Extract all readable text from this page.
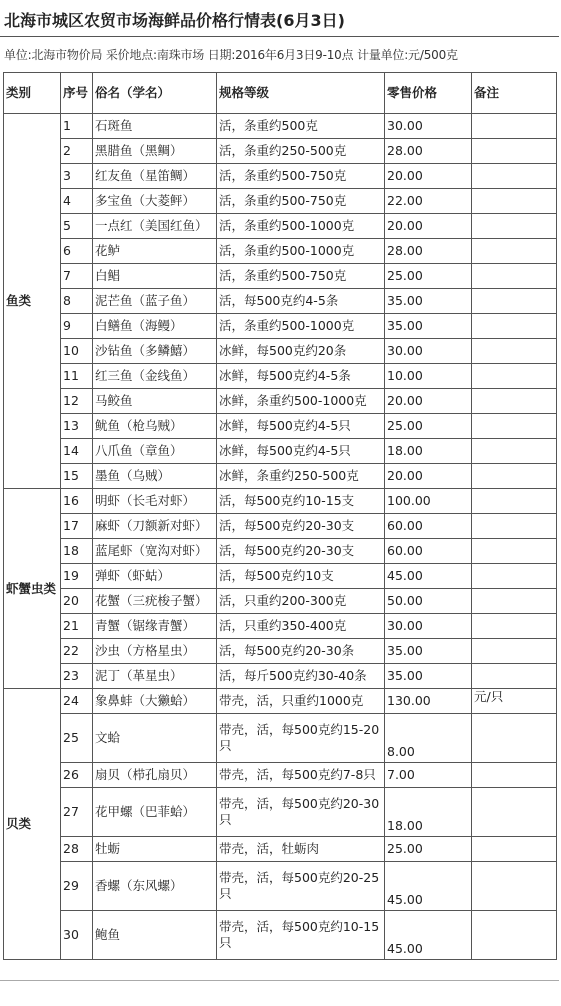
北海市城区农贸市场海鲜品价格行情表(6月3日)
单位:北海市物价局 采价地点:南珠市场 日期:2016年6月3日9-10点 计量单位:元/500克
类别	序号	俗名（学名）	规格等级	零售价格	备注
鱼类	1	石斑鱼	活，条重约500克	30.00	
	2	黑腊鱼（黑鲷）	活，条重约250-500克	28.00	
	3	红友鱼（星笛鲷）	活，条重约500-750克	20.00	
	4	多宝鱼（大菱鲆）	活，条重约500-750克	22.00	
	5	一点红（美国红鱼）	活，条重约500-1000克	20.00	
	6	花鲈	活，条重约500-1000克	28.00	
	7	白鲳	活，条重约500-750克	25.00	
	8	泥芒鱼（蓝子鱼）	活，每500克约4-5条	35.00	
	9	白鳝鱼（海鳗）	活，条重约500-1000克	35.00	
	10	沙钻鱼（多鳞鱚）	冰鲜，每500克约20条	30.00	
	11	红三鱼（金线鱼）	冰鲜，每500克约4-5条	10.00	
	12	马鲛鱼	冰鲜，条重约500-1000克	20.00	
	13	鱿鱼（枪乌贼）	冰鲜，每500克约4-5只	25.00	
	14	八爪鱼（章鱼）	冰鲜，每500克约4-5只	18.00	
	15	墨鱼（乌贼）	冰鲜，条重约250-500克	20.00	
虾蟹虫类	16	明虾（长毛对虾）	活，每500克约10-15支	100.00	
	17	麻虾（刀额新对虾）	活，每500克约20-30支	60.00	
	18	蓝尾虾（宽沟对虾）	活，每500克约20-30支	60.00	
	19	弹虾（虾蛄）	活，每500克约10支	45.00	
	20	花蟹（三疣梭子蟹）	活，只重约200-300克	50.00	
	21	青蟹（锯缘青蟹）	活，只重约350-400克	30.00	
	22	沙虫（方格星虫）	活，每500克约20-30条	35.00	
	23	泥丁（革星虫）	活，每斤500克约30-40条	35.00	
贝类	24	象鼻蚌（大獭蛤）	带壳，活，只重约1000克	130.00	元/只
	25	文蛤	带壳，活，每500克约15-20只	8.00	
	26	扇贝（栉孔扇贝）	带壳，活，每500克约7-8只	7.00	
	27	花甲螺（巴菲蛤）	带壳，活，每500克约20-30只	18.00	
	28	牡蛎	带壳，活，牡蛎肉	25.00	
	29	香螺（东风螺）	带壳，活，每500克约20-25只	45.00	
	30	鲍鱼	带壳，活，每500克约10-15只	45.00	
